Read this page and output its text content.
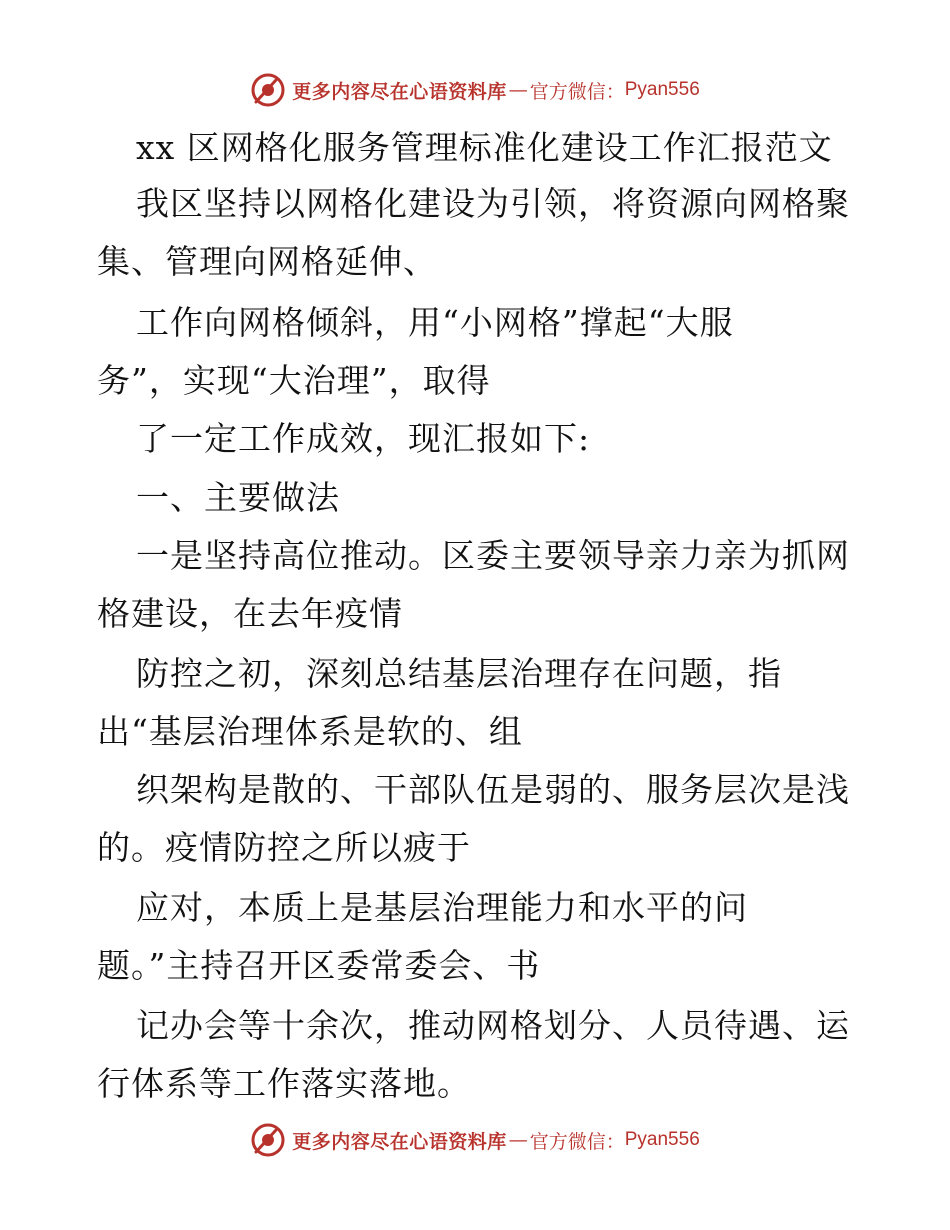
更多内容尽在心语资料库 — 官方微信： Pyan556
xx 区网格化服务管理标准化建设工作汇报范文
我区坚持以网格化建设为引领，将资源向网格聚
集、管理向网格延伸、
工作向网格倾斜，用“小网格”撑起“大服
务”，实现“大治理”，取得
了一定工作成效，现汇报如下:
一、主要做法
一是坚持高位推动。区委主要领导亲力亲为抓网
格建设，在去年疫情
防控之初，深刻总结基层治理存在问题，指
出“基层治理体系是软的、组
织架构是散的、干部队伍是弱的、服务层次是浅
的。疫情防控之所以疲于
应对，本质上是基层治理能力和水平的问
题。”主持召开区委常委会、书
记办会等十余次，推动网格划分、人员待遇、运
行体系等工作落实落地。
更多内容尽在心语资料库 — 官方微信： Pyan556
